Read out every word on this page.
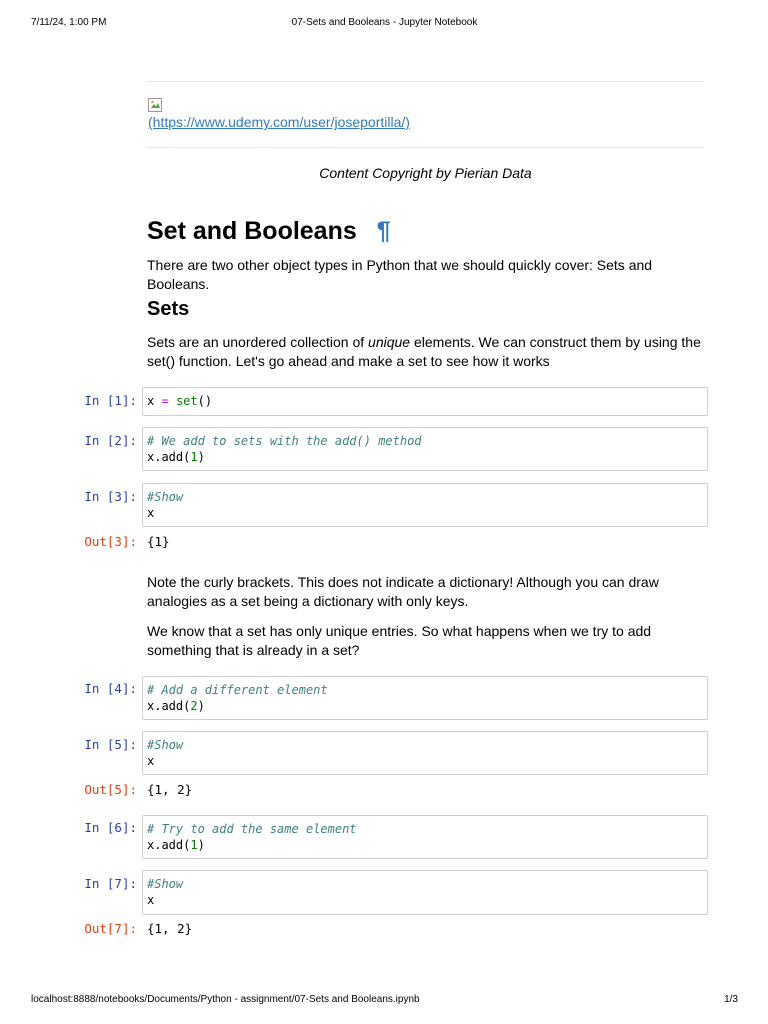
7/11/24, 1:00 PM	07-Sets and Booleans - Jupyter Notebook
(https://www.udemy.com/user/joseportilla/)
Content Copyright by Pierian Data
Set and Booleans ¶

There are two other object types in Python that we should quickly cover: Sets and Booleans.

Sets

Sets are an unordered collection of unique elements. We can construct them by using the set() function. Let's go ahead and make a set to see how it works

In [1]: x = set()
In [2]: # We add to sets with the add() method
x.add(1)
In [3]: #Show
x
Out[3]: {1}

Note the curly brackets. This does not indicate a dictionary! Although you can draw analogies as a set being a dictionary with only keys.

We know that a set has only unique entries. So what happens when we try to add something that is already in a set?

In [4]: # Add a different element
x.add(2)
In [5]: #Show
x
Out[5]: {1, 2}
In [6]: # Try to add the same element
x.add(1)
In [7]: #Show
x
Out[7]: {1, 2}
localhost:8888/notebooks/Documents/Python - assignment/07-Sets and Booleans.ipynb	1/3
